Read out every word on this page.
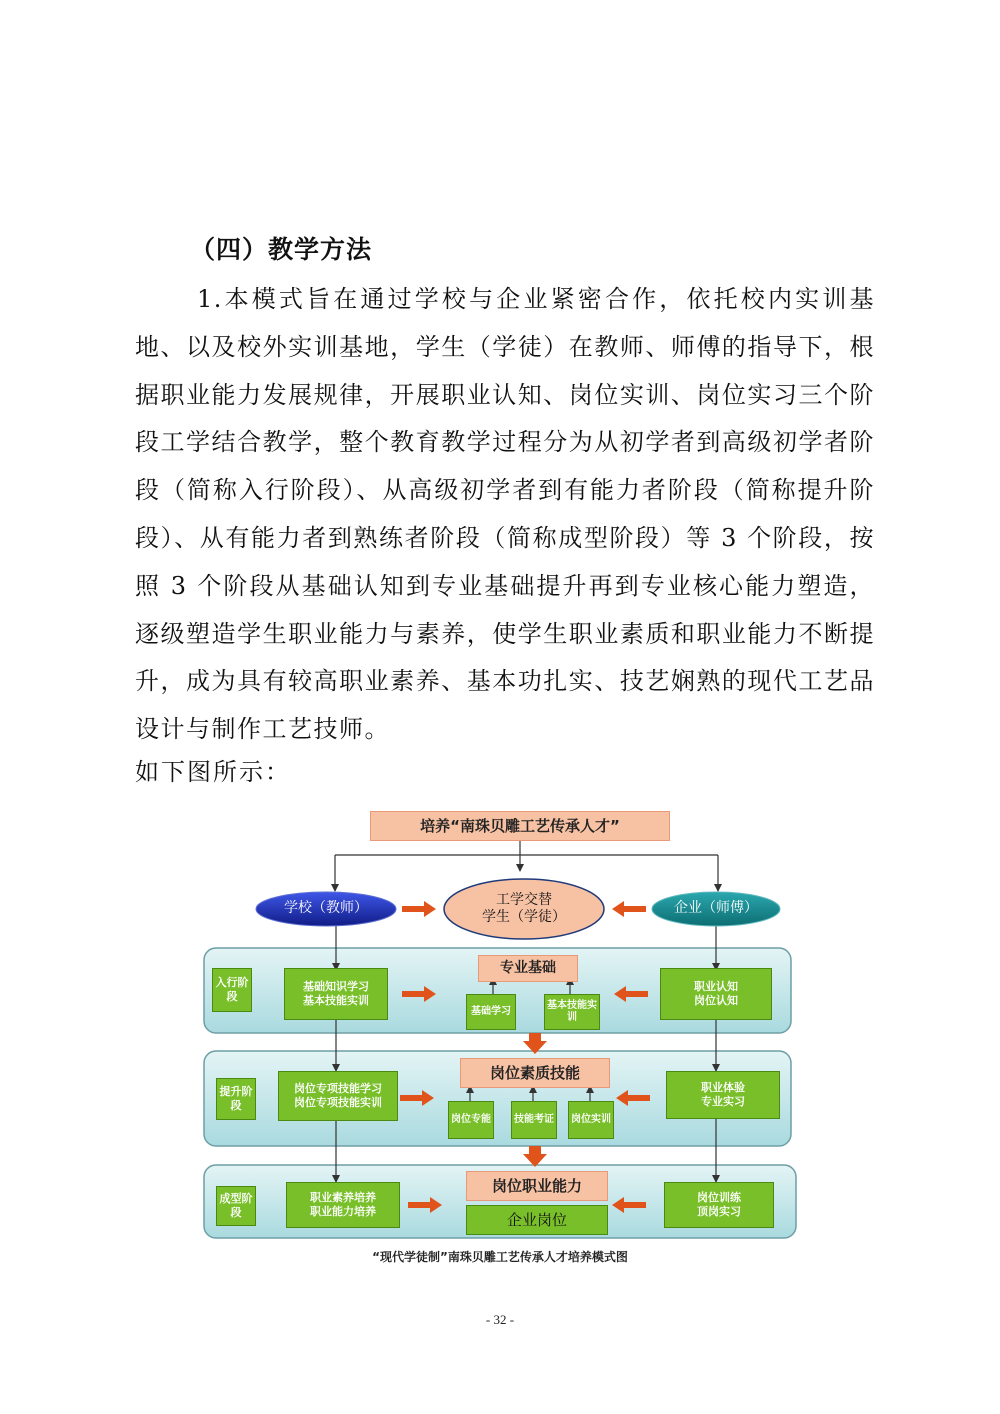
（四）教学方法

1.本模式旨在通过学校与企业紧密合作，依托校内实训基地、以及校外实训基地，学生（学徒）在教师、师傅的指导下，根据职业能力发展规律，开展职业认知、岗位实训、岗位实习三个阶段工学结合教学，整个教育教学过程分为从初学者到高级初学者阶段（简称入行阶段）、从高级初学者到有能力者阶段（简称提升阶段）、从有能力者到熟练者阶段（简称成型阶段）等 3 个阶段，按照 3 个阶段从基础认知到专业基础提升再到专业核心能力塑造，逐级塑造学生职业能力与素养，使学生职业素质和职业能力不断提升，成为具有较高职业素养、基本功扎实、技艺娴熟的现代工艺品设计与制作工艺技师。

如下图所示：
培养“南珠贝雕工艺传承人才”
学校（教师）
工学交替
学生（学徒）
企业（师傅）
入行阶段
基础知识学习
基本技能实训
专业基础
基础学习
基本技能实训
职业认知
岗位认知
提升阶段
岗位专项技能学习
岗位专项技能实训
岗位素质技能
岗位专能	技能考证	岗位实训
职业体验
专业实习
成型阶段
职业素养培养
职业能力培养
岗位职业能力
企业岗位
岗位训练
顶岗实习
“现代学徒制”南珠贝雕工艺传承人才培养模式图
- 32 -
